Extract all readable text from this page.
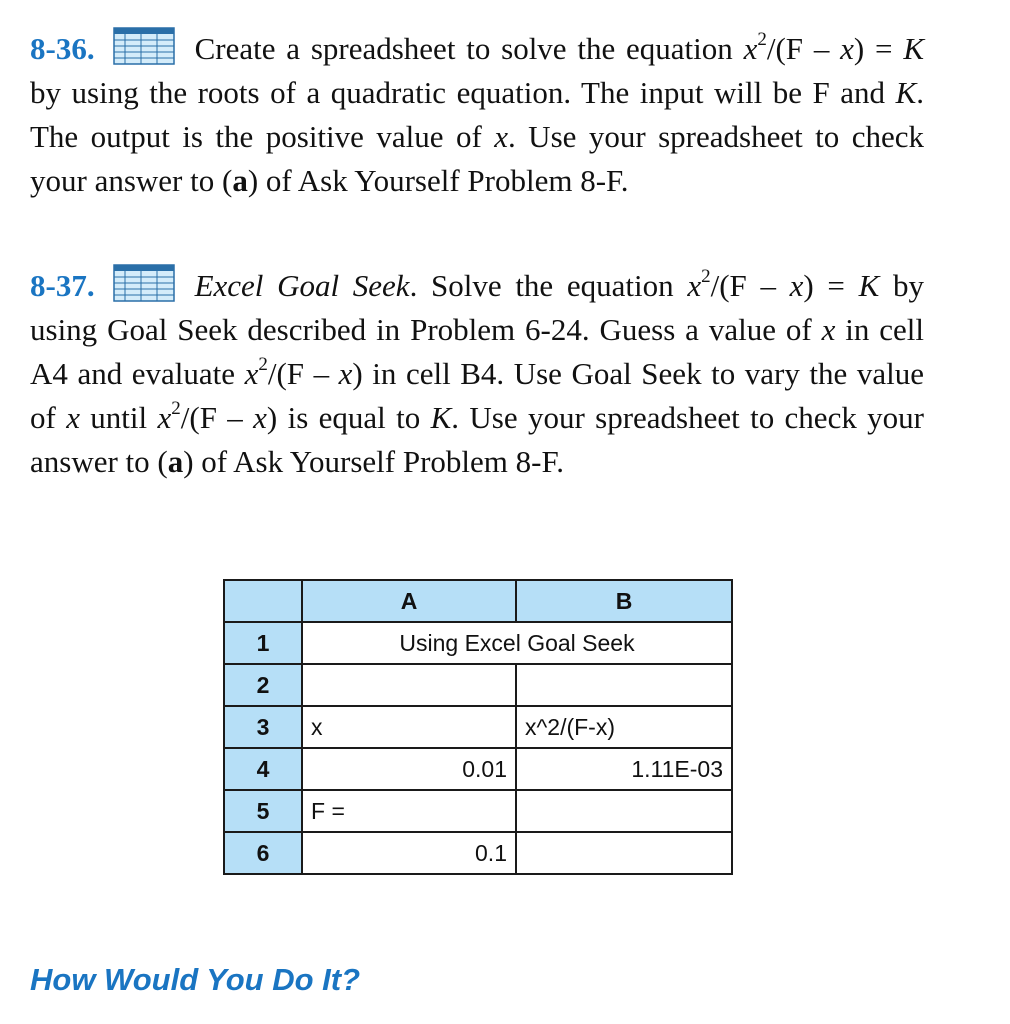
8-36.	Create a spreadsheet to solve the equation $x^2/(F - x) = K$ by using the roots of a quadratic equation. The input will be F and K. The output is the positive value of x. Use your spreadsheet to check your answer to (a) of Ask Yourself Problem 8-F.
8-37.	Excel Goal Seek. Solve the equation $x^2/(F - x) = K$ by using Goal Seek described in Problem 6-24. Guess a value of x in cell A4 and evaluate $x^2/(F - x)$ in cell B4. Use Goal Seek to vary the value of x until $x^2/(F - x)$ is equal to K. Use your spreadsheet to check your answer to (a) of Ask Yourself Problem 8-F.
	A	B
1	Using Excel Goal Seek	
2		
3	x	x^2/(F-x)
4	0.01	1.11E-03
5	F =	
6	0.1	
How Would You Do It?
